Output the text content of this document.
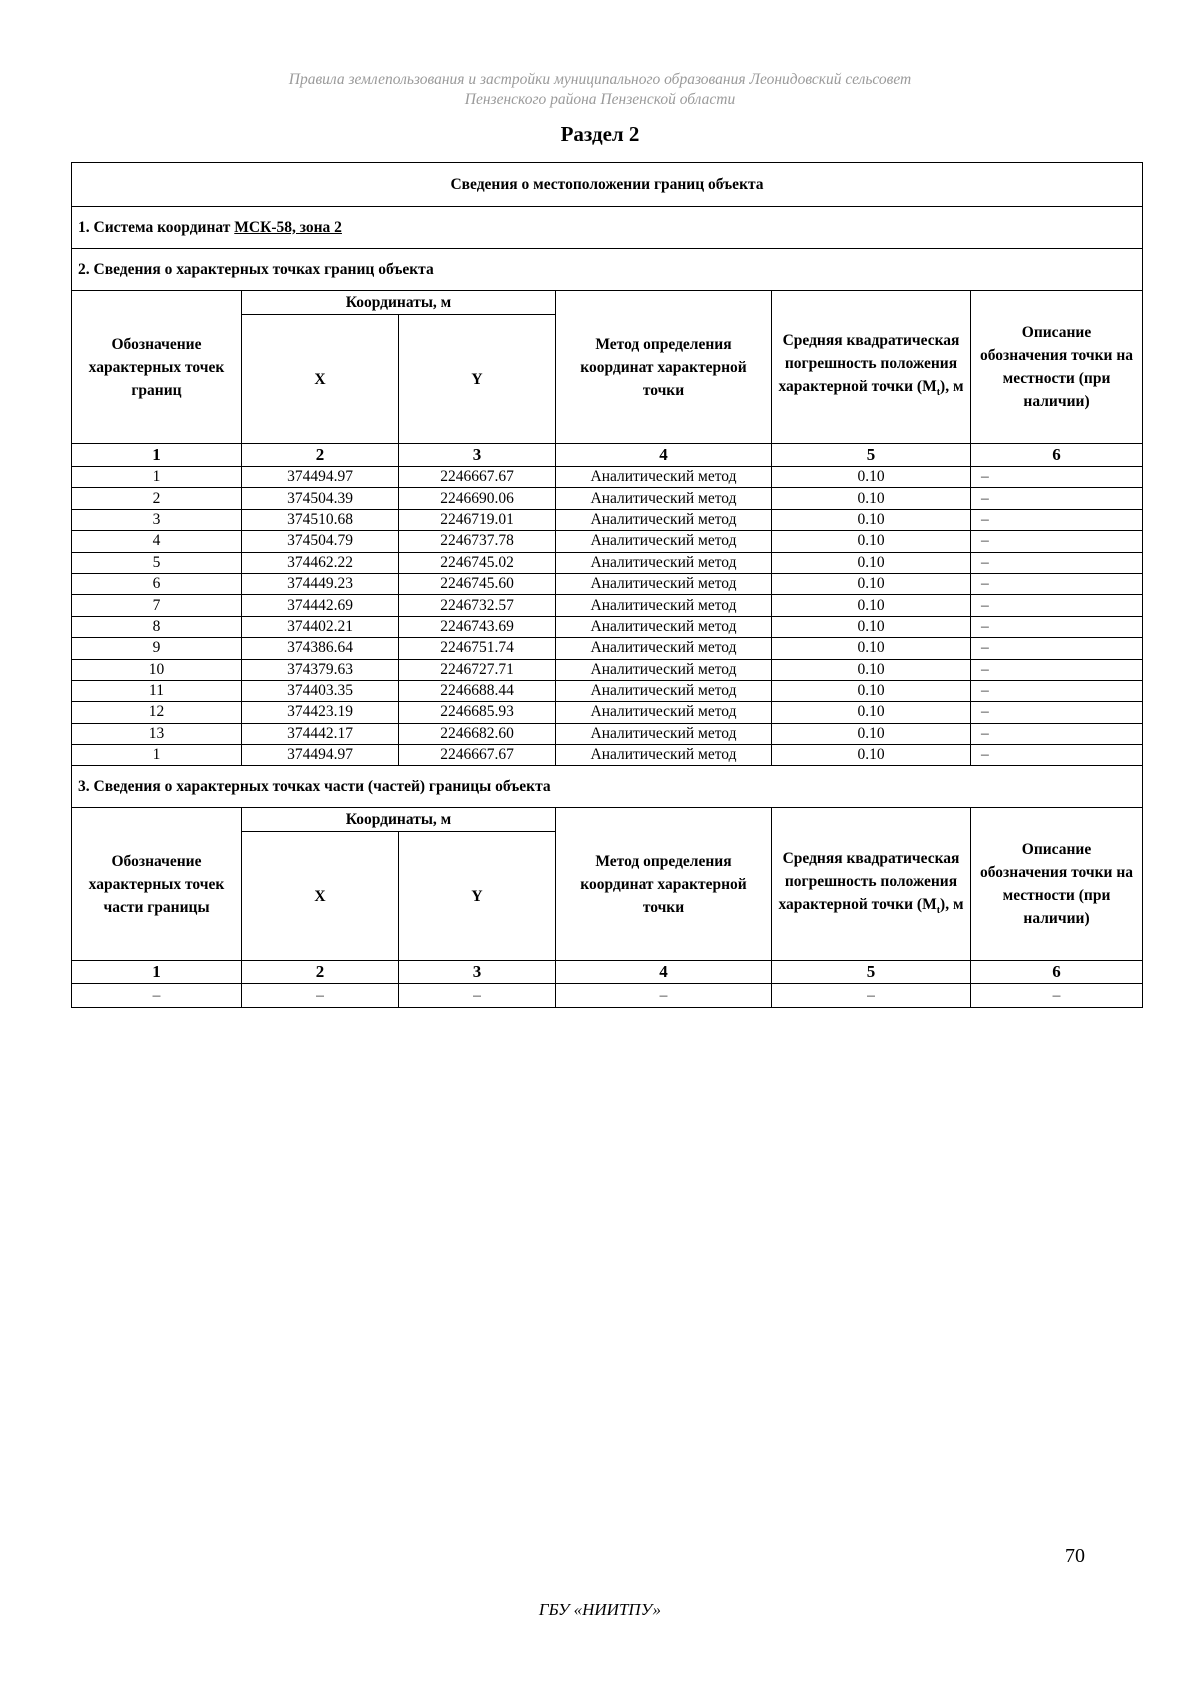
Правила землепользования и застройки муниципального образования Леонидовский сельсовет
Пензенского района Пензенской области
Раздел 2
Сведения о местоположении границ объекта					
1. Система координат МСК-58, зона 2					
2. Сведения о характерных точках границ объекта					
Обозначение характерных точек границ	Координаты, м		Метод определения координат характерной точки	Средняя квадратическая погрешность положения характерной точки $(M_t)$, м	Описание обозначения точки на местности (при наличии)
	X	Y			
1	2	3	4	5	6
1	374494.97	2246667.67	Аналитический метод	0.10	–
2	374504.39	2246690.06	Аналитический метод	0.10	–
3	374510.68	2246719.01	Аналитический метод	0.10	–
4	374504.79	2246737.78	Аналитический метод	0.10	–
5	374462.22	2246745.02	Аналитический метод	0.10	–
6	374449.23	2246745.60	Аналитический метод	0.10	–
7	374442.69	2246732.57	Аналитический метод	0.10	–
8	374402.21	2246743.69	Аналитический метод	0.10	–
9	374386.64	2246751.74	Аналитический метод	0.10	–
10	374379.63	2246727.71	Аналитический метод	0.10	–
11	374403.35	2246688.44	Аналитический метод	0.10	–
12	374423.19	2246685.93	Аналитический метод	0.10	–
13	374442.17	2246682.60	Аналитический метод	0.10	–
1	374494.97	2246667.67	Аналитический метод	0.10	–
3. Сведения о характерных точках части (частей) границы объекта					
Обозначение характерных точек части границы	Координаты, м		Метод определения координат характерной точки	Средняя квадратическая погрешность положения характерной точки $(M_t)$, м	Описание обозначения точки на местности (при наличии)
	X	Y			
1	2	3	4	5	6
–	–	–	–	–	–
70
ГБУ «НИИТПУ»
